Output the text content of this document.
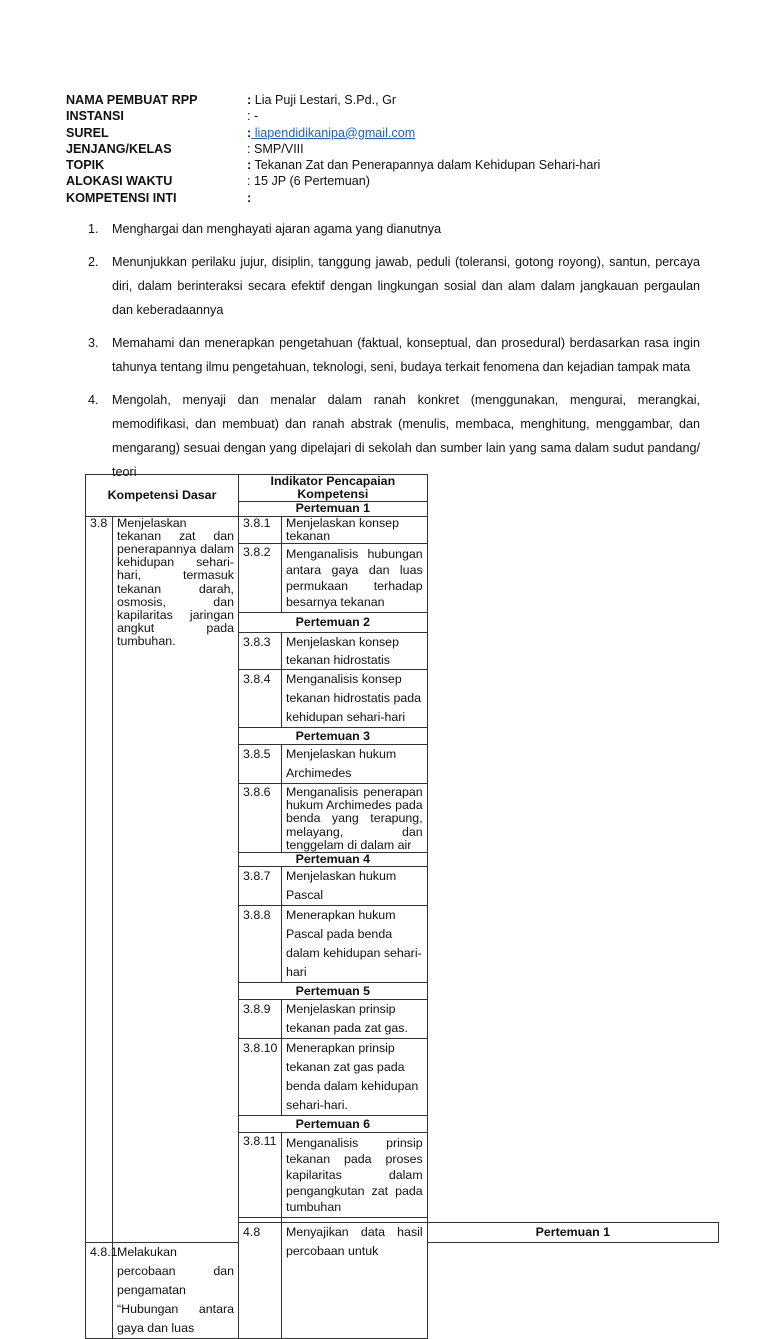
NAMA PEMBUAT RPP	: Lia Puji Lestari, S.Pd., Gr
INSTANSI	: -
SUREL	: liapendidikanipa@gmail.com
JENJANG/KELAS	: SMP/VIII
TOPIK	: Tekanan Zat dan Penerapannya dalam Kehidupan Sehari-hari
ALOKASI WAKTU	: 15 JP (6 Pertemuan)
KOMPETENSI INTI	:
1.	Menghargai dan menghayati ajaran agama yang dianutnya
2.	Menunjukkan perilaku jujur, disiplin, tanggung jawab, peduli (toleransi, gotong royong), santun, percaya diri, dalam berinteraksi secara efektif dengan lingkungan sosial dan alam dalam jangkauan pergaulan dan keberadaannya
3.	Memahami dan menerapkan pengetahuan (faktual, konseptual, dan prosedural) berdasarkan rasa ingin tahunya tentang ilmu pengetahuan, teknologi, seni, budaya terkait fenomena dan kejadian tampak mata
4.	Mengolah, menyaji dan menalar dalam ranah konkret (menggunakan, mengurai, merangkai, memodifikasi, dan membuat) dan ranah abstrak (menulis, membaca, menghitung, menggambar, dan mengarang) sesuai dengan yang dipelajari di sekolah dan sumber lain yang sama dalam sudut pandang/ teori
Kompetensi Dasar		Indikator Pencapaian Kompetensi		
		Pertemuan 1		
3.8	Menjelaskan tekanan zat dan penerapannya dalam kehidupan sehari-hari, termasuk tekanan darah, osmosis, dan kapilaritas jaringan angkut pada tumbuhan.	3.8.1	Menjelaskan konsep tekanan	
		3.8.2	Menganalisis hubungan antara gaya dan luas permukaan terhadap besarnya tekanan	
		Pertemuan 2		
		3.8.3	Menjelaskan konsep tekanan hidrostatis	
		3.8.4	Menganalisis konsep tekanan hidrostatis pada kehidupan sehari-hari	
		Pertemuan 3		
		3.8.5	Menjelaskan hukum Archimedes	
		3.8.6	Menganalisis penerapan hukum Archimedes pada benda yang terapung, melayang, dan tenggelam di dalam air	
		Pertemuan 4		
		3.8.7	Menjelaskan hukum Pascal	
		3.8.8	Menerapkan hukum Pascal pada benda dalam kehidupan sehari-hari	
		Pertemuan 5		
		3.8.9	Menjelaskan prinsip tekanan pada zat gas.	
		3.8.10	Menerapkan prinsip tekanan zat gas pada benda dalam kehidupan sehari-hari.	
		Pertemuan 6		
		3.8.11	Menganalisis prinsip tekanan pada proses kapilaritas dalam pengangkutan zat pada tumbuhan	

		4.8	Menyajikan data hasil percobaan untuk	Pertemuan 1
4.8.1	Melakukan percobaan dan pengamatan “Hubungan antara gaya dan luas			
